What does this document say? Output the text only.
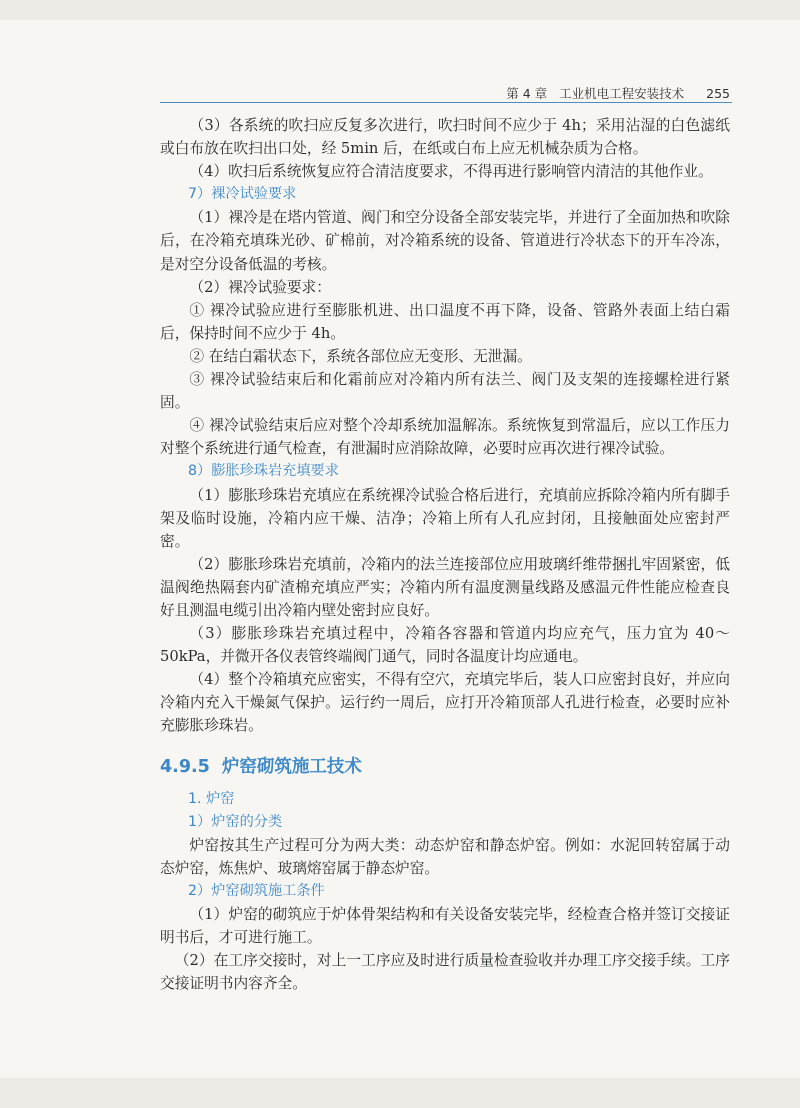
第 4 章 工业机电工程安装技术 255

（3）各系统的吹扫应反复多次进行，吹扫时间不应少于 4h；采用沾湿的白色滤纸或白布放在吹扫出口处，经 5min 后，在纸或白布上应无机械杂质为合格。

（4）吹扫后系统恢复应符合清洁度要求，不得再进行影响管内清洁的其他作业。

7）裸冷试验要求

（1）裸冷是在塔内管道、阀门和空分设备全部安装完毕，并进行了全面加热和吹除后，在冷箱充填珠光砂、矿棉前，对冷箱系统的设备、管道进行冷状态下的开车冷冻，是对空分设备低温的考核。

（2）裸冷试验要求：

① 裸冷试验应进行至膨胀机进、出口温度不再下降，设备、管路外表面上结白霜后，保持时间不应少于 4h。

② 在结白霜状态下，系统各部位应无变形、无泄漏。

③ 裸冷试验结束后和化霜前应对冷箱内所有法兰、阀门及支架的连接螺栓进行紧固。

④ 裸冷试验结束后应对整个冷却系统加温解冻。系统恢复到常温后，应以工作压力对整个系统进行通气检查，有泄漏时应消除故障，必要时应再次进行裸冷试验。

8）膨胀珍珠岩充填要求

（1）膨胀珍珠岩充填应在系统裸冷试验合格后进行，充填前应拆除冷箱内所有脚手架及临时设施，冷箱内应干燥、洁净；冷箱上所有人孔应封闭，且接触面处应密封严密。

（2）膨胀珍珠岩充填前，冷箱内的法兰连接部位应用玻璃纤维带捆扎牢固紧密，低温阀绝热隔套内矿渣棉充填应严实；冷箱内所有温度测量线路及感温元件性能应检查良好且测温电缆引出冷箱内壁处密封应良好。

（3）膨胀珍珠岩充填过程中，冷箱各容器和管道内均应充气，压力宜为 40～50kPa，并微开各仪表管终端阀门通气，同时各温度计均应通电。

（4）整个冷箱填充应密实，不得有空穴，充填完毕后，装人口应密封良好，并应向冷箱内充入干燥氮气保护。运行约一周后，应打开冷箱顶部人孔进行检查，必要时应补充膨胀珍珠岩。

4.9.5 炉窑砌筑施工技术

1. 炉窑

1）炉窑的分类

炉窑按其生产过程可分为两大类：动态炉窑和静态炉窑。例如：水泥回转窑属于动态炉窑，炼焦炉、玻璃熔窑属于静态炉窑。

2）炉窑砌筑施工条件

（1）炉窑的砌筑应于炉体骨架结构和有关设备安装完毕，经检查合格并签订交接证明书后，才可进行施工。

（2）在工序交接时，对上一工序应及时进行质量检查验收并办理工序交接手续。工序交接证明书内容齐全。
